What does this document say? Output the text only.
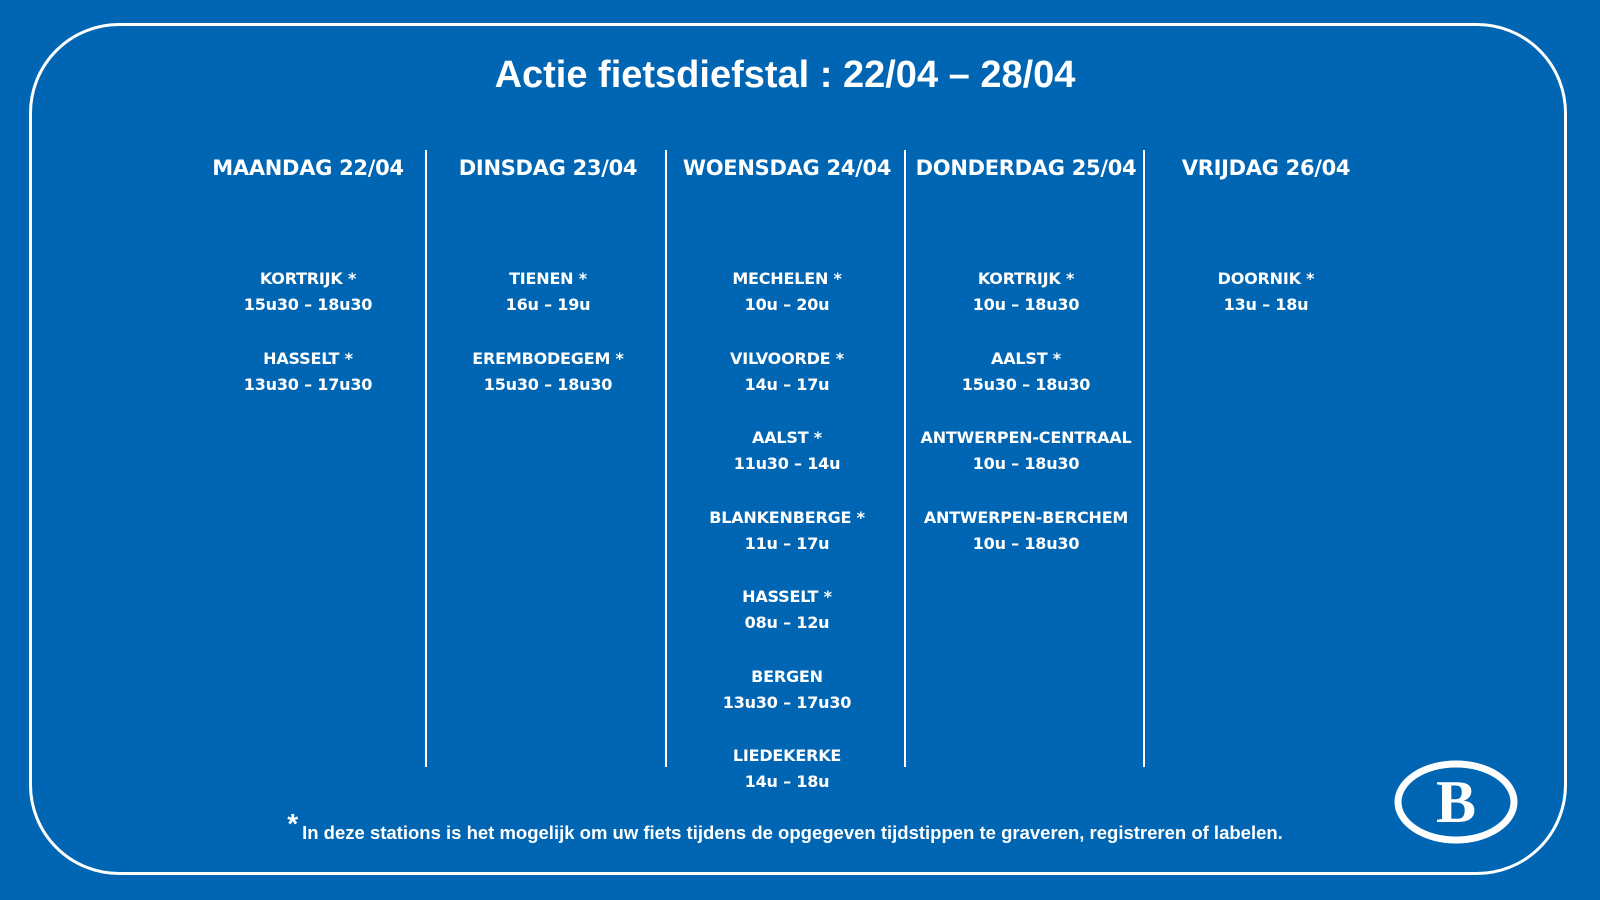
Actie fietsdiefstal : 22/04 – 28/04
MAANDAG 22/04
KORTRIJK *
15u30 – 18u30
HASSELT *
13u30 – 17u30
DINSDAG 23/04
TIENEN *
16u – 19u
EREMBODEGEM *
15u30 – 18u30
WOENSDAG 24/04
MECHELEN *
10u – 20u
VILVOORDE *
14u – 17u
AALST *
11u30 – 14u
BLANKENBERGE *
11u – 17u
HASSELT *
08u – 12u
BERGEN
13u30 – 17u30
LIEDEKERKE
14u – 18u
DONDERDAG 25/04
KORTRIJK *
10u – 18u30
AALST *
15u30 – 18u30
ANTWERPEN-CENTRAAL
10u – 18u30
ANTWERPEN-BERCHEM
10u – 18u30
VRIJDAG 26/04
DOORNIK *
13u – 18u
* In deze stations is het mogelijk om uw fiets tijdens de opgegeven tijdstippen te graveren, registreren of labelen.	B
